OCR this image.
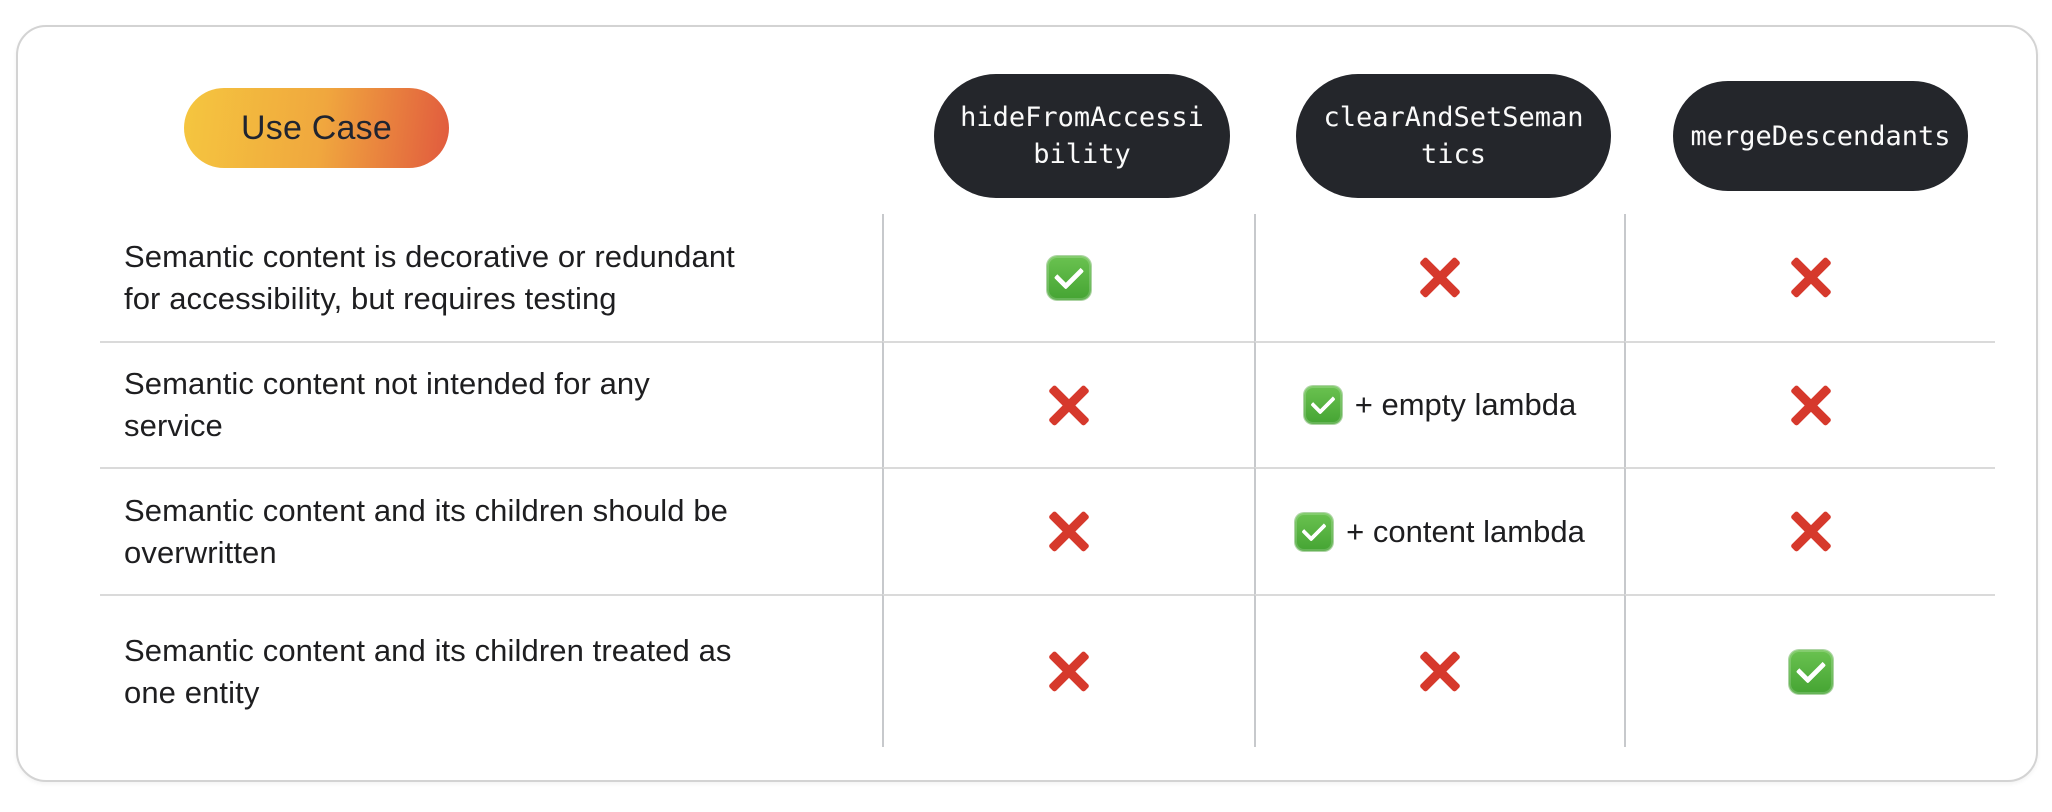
Use Case	hideFromAccessi
bility
clearAndSetSeman
tics
mergeDescendants
Semantic content is decorative or redundant
for accessibility, but requires testing
Semantic content not intended for any
service
+ empty lambda
Semantic content and its children should be
overwritten
+ content lambda
Semantic content and its children treated as
one entity
